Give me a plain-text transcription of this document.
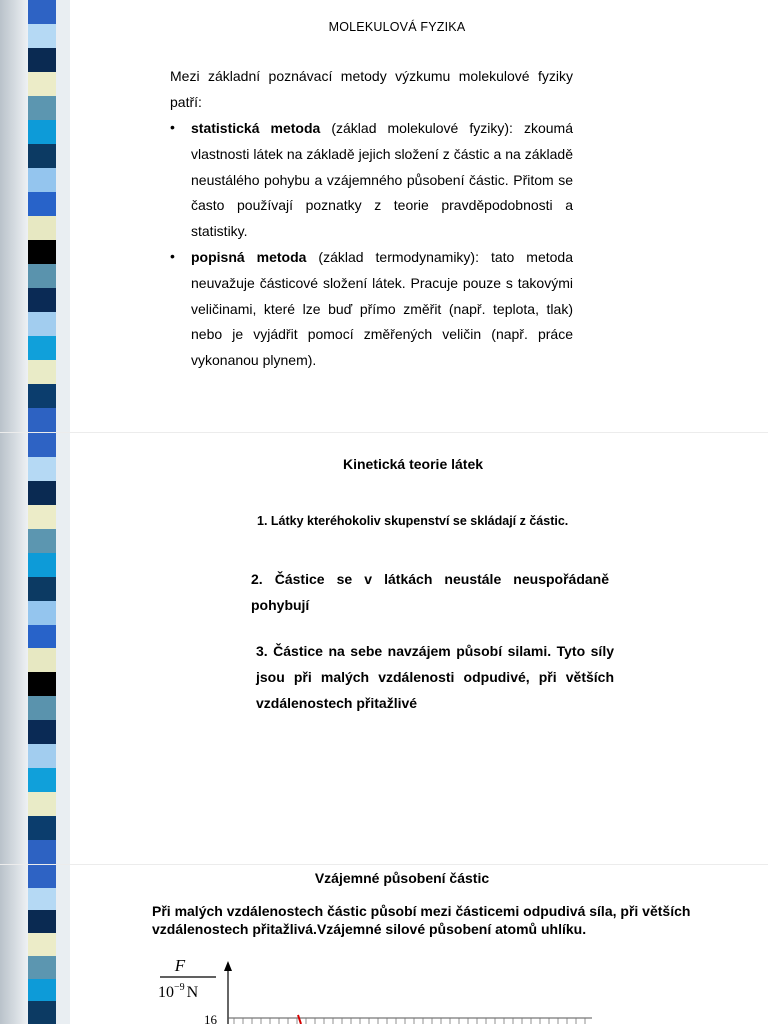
MOLEKULOVÁ FYZIKA

Mezi základní poznávací metody výzkumu molekulové fyziky patří:

• statistická metoda (základ molekulové fyziky): zkoumá vlastnosti látek na základě jejich složení z částic a na základě neustálého pohybu a vzájemného působení částic. Přitom se často používají poznatky z teorie pravděpodobnosti a statistiky.

• popisná metoda (základ termodynamiky): tato metoda neuvažuje částicové složení látek. Pracuje pouze s takovými veličinami, které lze buď přímo změřit (např. teplota, tlak) nebo je vyjádřit pomocí změřených veličin (např. práce vykonanou plynem).

Kinetická teorie látek

1. Látky kteréhokoliv skupenství se skládají z částic.

2. Částice se v látkách neustále neuspořádaně pohybují

3. Částice na sebe navzájem působí silami. Tyto síly jsou při malých vzdálenosti odpudivé, při větších vzdálenostech přitažlivé

Vzájemné působení částic

Při malých vzdálenostech částic působí mezi částicemi odpudivá síla, při větších vzdálenostech přitažlivá.Vzájemné silové působení atomů uhlíku.

F
$10^{-9}$ N
16
